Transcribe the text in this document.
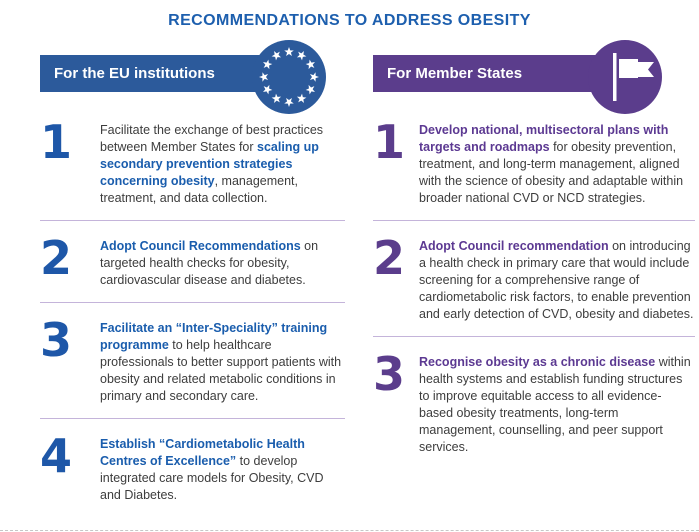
RECOMMENDATIONS TO ADDRESS OBESITY
For the EU institutions
1	Facilitate the exchange of best practices between Member States for scaling up secondary prevention strategies concerning obesity, management, treatment, and data collection.

2	Adopt Council Recommendations on targeted health checks for obesity, cardiovascular disease and diabetes.

3	Facilitate an “Inter-Speciality” training programme to help healthcare professionals to better support patients with obesity and related metabolic conditions in primary and secondary care.

4	Establish “Cardiometabolic Health Centres of Excellence” to develop integrated care models for Obesity, CVD and Diabetes.

For Member States
1	Develop national, multisectoral plans with targets and roadmaps for obesity prevention, treatment, and long-term management, aligned with the science of obesity and adaptable within broader national CVD or NCD strategies.

2	Adopt Council recommendation on introducing a health check in primary care that would include screening for a comprehensive range of cardiometabolic risk factors, to enable prevention and early detection of CVD, obesity and diabetes.

3	Recognise obesity as a chronic disease within health systems and establish funding structures to improve equitable access to all evidence-based obesity treatments, long-term management, counselling, and peer support services.
